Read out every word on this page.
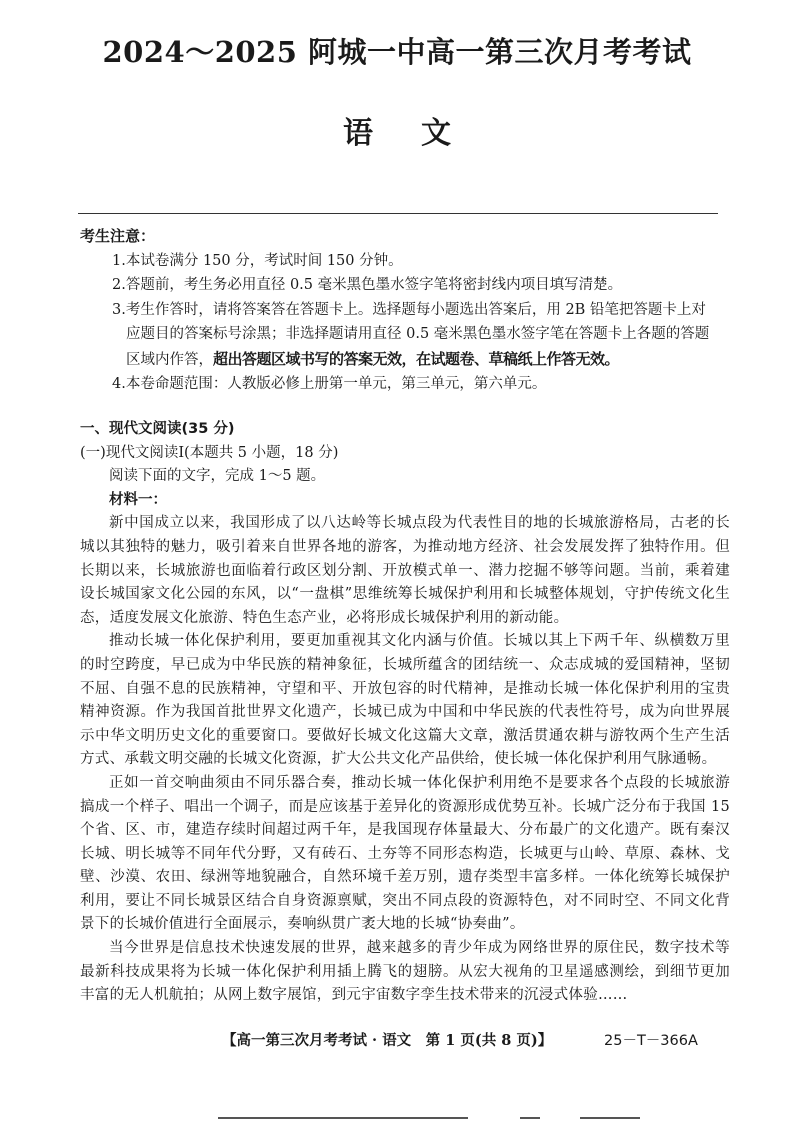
2024～2025 阿城一中高一第三次月考考试
语文
考生注意：
1.本试卷满分 150 分，考试时间 150 分钟。
2.答题前，考生务必用直径 0.5 毫米黑色墨水签字笔将密封线内项目填写清楚。
3.考生作答时，请将答案答在答题卡上。选择题每小题选出答案后，用 2B 铅笔把答题卡上对应题目的答案标号涂黑；非选择题请用直径 0.5 毫米黑色墨水签字笔在答题卡上各题的答题区域内作答，超出答题区域书写的答案无效，在试题卷、草稿纸上作答无效。
4.本卷命题范围：人教版必修上册第一单元，第三单元，第六单元。
一、现代文阅读(35 分)
(一)现代文阅读Ⅰ(本题共 5 小题，18 分)
阅读下面的文字，完成 1～5 题。
材料一：

新中国成立以来，我国形成了以八达岭等长城点段为代表性目的地的长城旅游格局，古老的长城以其独特的魅力，吸引着来自世界各地的游客，为推动地方经济、社会发展发挥了独特作用。但长期以来，长城旅游也面临着行政区划分割、开放模式单一、潜力挖掘不够等问题。当前，乘着建设长城国家文化公园的东风，以“一盘棋”思维统筹长城保护利用和长城整体规划，守护传统文化生态，适度发展文化旅游、特色生态产业，必将形成长城保护利用的新动能。

推动长城一体化保护利用，要更加重视其文化内涵与价值。长城以其上下两千年、纵横数万里的时空跨度，早已成为中华民族的精神象征，长城所蕴含的团结统一、众志成城的爱国精神，坚韧不屈、自强不息的民族精神，守望和平、开放包容的时代精神，是推动长城一体化保护利用的宝贵精神资源。作为我国首批世界文化遗产，长城已成为中国和中华民族的代表性符号，成为向世界展示中华文明历史文化的重要窗口。要做好长城文化这篇大文章，激活贯通农耕与游牧两个生产生活方式、承载文明交融的长城文化资源，扩大公共文化产品供给，使长城一体化保护利用气脉通畅。

正如一首交响曲须由不同乐器合奏，推动长城一体化保护利用绝不是要求各个点段的长城旅游搞成一个样子、唱出一个调子，而是应该基于差异化的资源形成优势互补。长城广泛分布于我国 15 个省、区、市，建造存续时间超过两千年，是我国现存体量最大、分布最广的文化遗产。既有秦汉长城、明长城等不同年代分野，又有砖石、土夯等不同形态构造，长城更与山岭、草原、森林、戈壁、沙漠、农田、绿洲等地貌融合，自然环境千差万别，遗存类型丰富多样。一体化统筹长城保护利用，要让不同长城景区结合自身资源禀赋，突出不同点段的资源特色，对不同时空、不同文化背景下的长城价值进行全面展示，奏响纵贯广袤大地的长城“协奏曲”。

当今世界是信息技术快速发展的世界，越来越多的青少年成为网络世界的原住民，数字技术等最新科技成果将为长城一体化保护利用插上腾飞的翅膀。从宏大视角的卫星遥感测绘，到细节更加丰富的无人机航拍；从网上数字展馆，到元宇宙数字孪生技术带来的沉浸式体验……

【高一第三次月考考试 · 语文　第 1 页(共 8 页)】	25－T－366A
